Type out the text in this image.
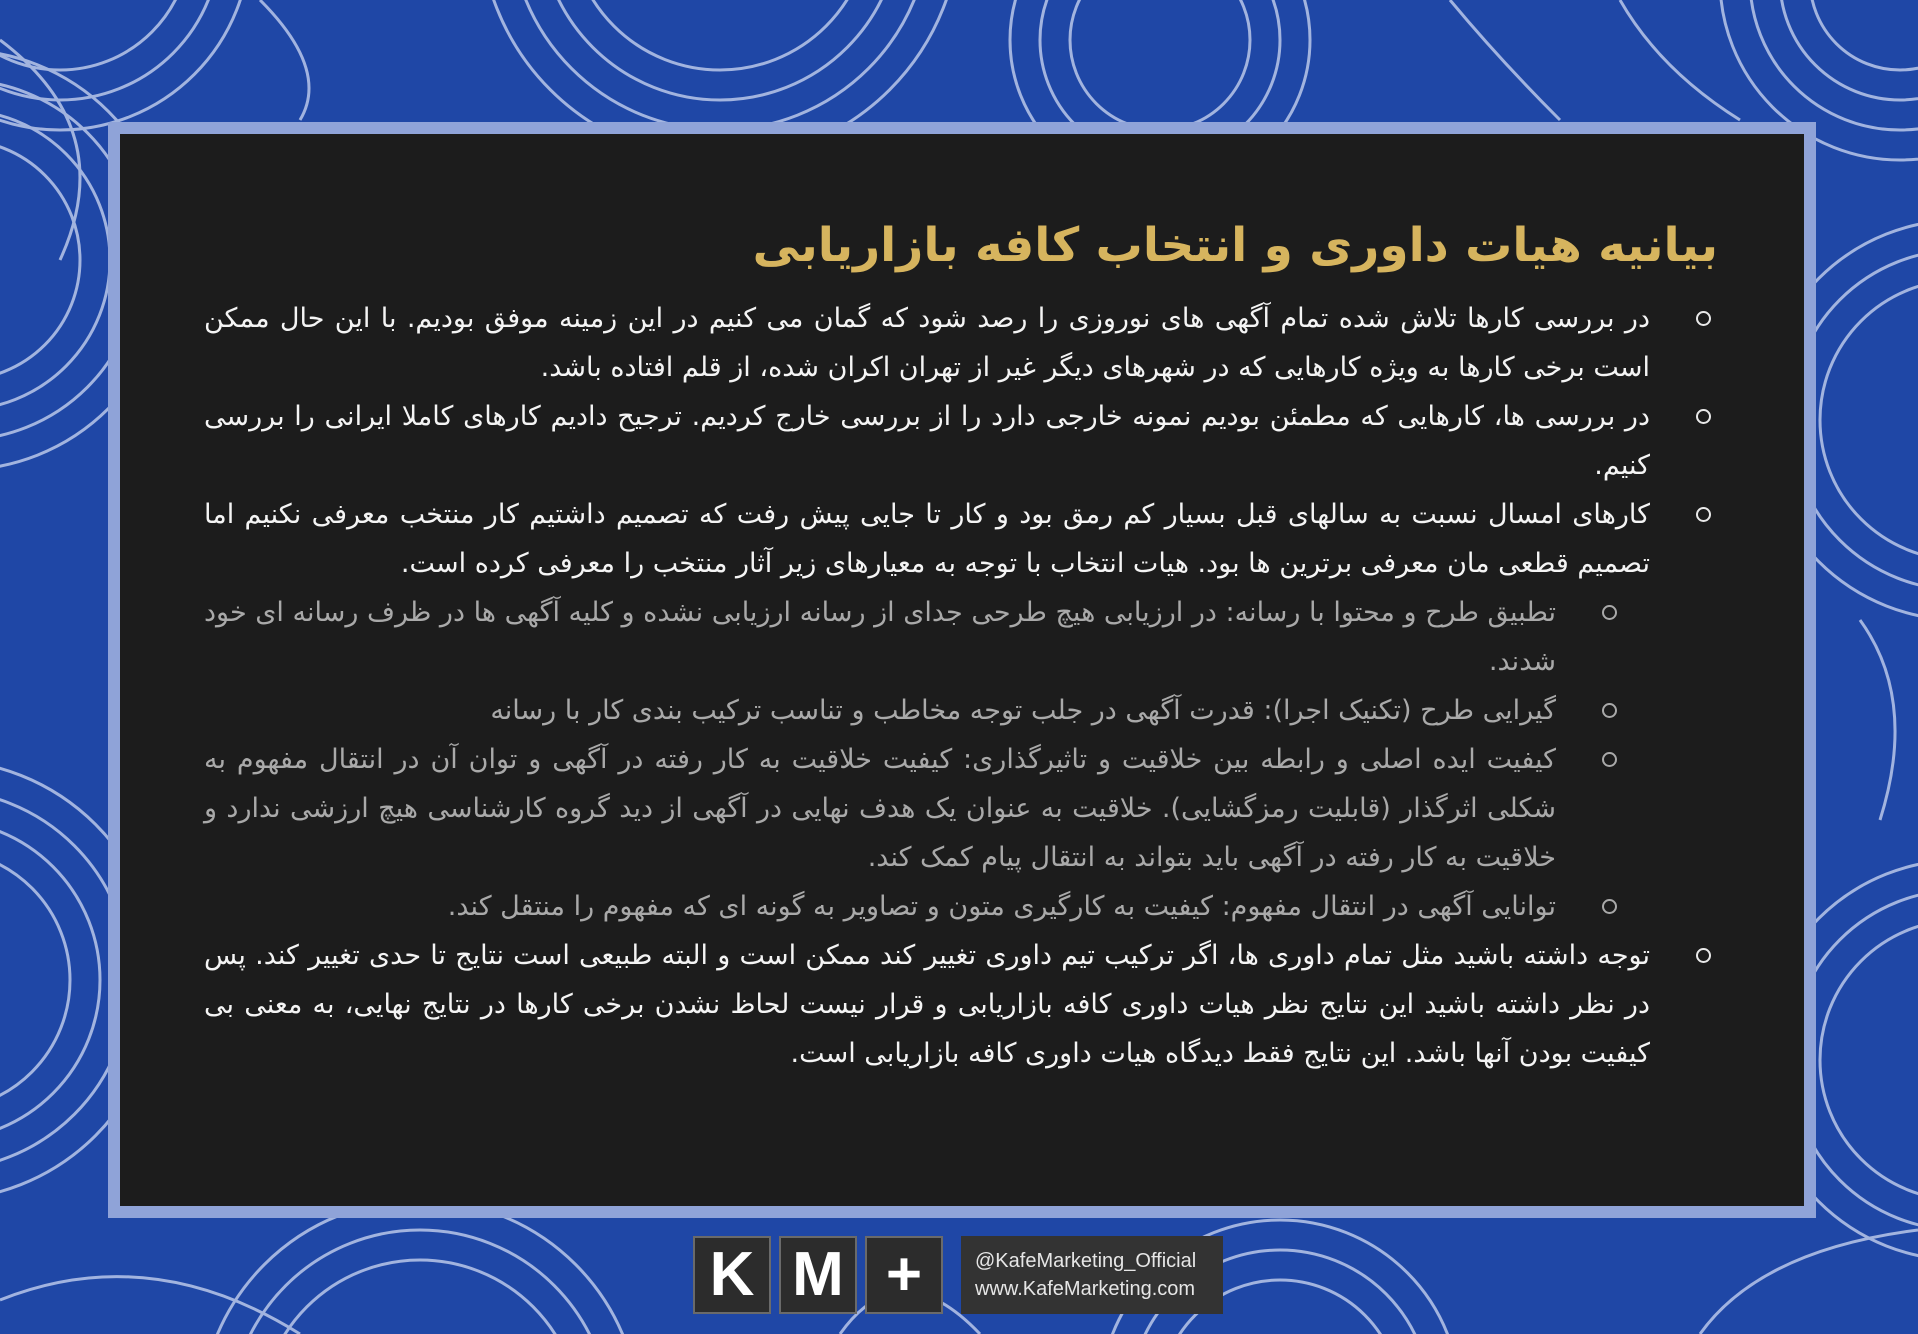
بیانیه هیات داوری و انتخاب کافه بازاریابی
در بررسی کارها تلاش شده تمام آگهی های نوروزی را رصد شود که گمان می کنیم در این زمینه موفق بودیم. با این حال ممکن است برخی کارها به ویژه کارهایی که در شهرهای دیگر غیر از تهران اکران شده، از قلم افتاده باشد.
در بررسی ها، کارهایی که مطمئن بودیم نمونه خارجی دارد را از بررسی خارج کردیم. ترجیح دادیم کارهای کاملا ایرانی را بررسی کنیم.
کارهای امسال نسبت به سالهای قبل بسیار کم رمق بود و کار تا جایی پیش رفت که تصمیم داشتیم کار منتخب معرفی نکنیم اما تصمیم قطعی مان معرفی برترین ها بود. هیات انتخاب با توجه به معیارهای زیر آثار منتخب را معرفی کرده است.
تطبیق طرح و محتوا با رسانه: در ارزیابی هیچ طرحی جدای از رسانه ارزیابی نشده و کلیه آگهی ها در ظرف رسانه ای خود شدند.
گیرایی طرح (تکنیک اجرا): قدرت آگهی در جلب توجه مخاطب و تناسب ترکیب بندی کار با رسانه
کیفیت ایده اصلی و رابطه بین خلاقیت و تاثیرگذاری: کیفیت خلاقیت به کار رفته در آگهی و توان آن در انتقال مفهوم به شکلی اثرگذار (قابلیت رمزگشایی). خلاقیت به عنوان یک هدف نهایی در آگهی از دید گروه کارشناسی هیچ ارزشی ندارد و خلاقیت به کار رفته در آگهی باید بتواند به انتقال پیام کمک کند.
توانایی آگهی در انتقال مفهوم: کیفیت به کارگیری متون و تصاویر به گونه ای که مفهوم را منتقل کند.
توجه داشته باشید مثل تمام داوری ها، اگر ترکیب تیم داوری تغییر کند ممکن است و البته طبیعی است نتایج تا حدی تغییر کند. پس در نظر داشته باشید این نتایج نظر هیات داوری کافه بازاریابی و قرار نیست لحاظ نشدن برخی کارها در نتایج نهایی، به معنی بی کیفیت بودن آنها باشد. این نتایج فقط دیدگاه هیات داوری کافه بازاریابی است.
K M +	@KafeMarketing_Official
www.KafeMarketing.com
